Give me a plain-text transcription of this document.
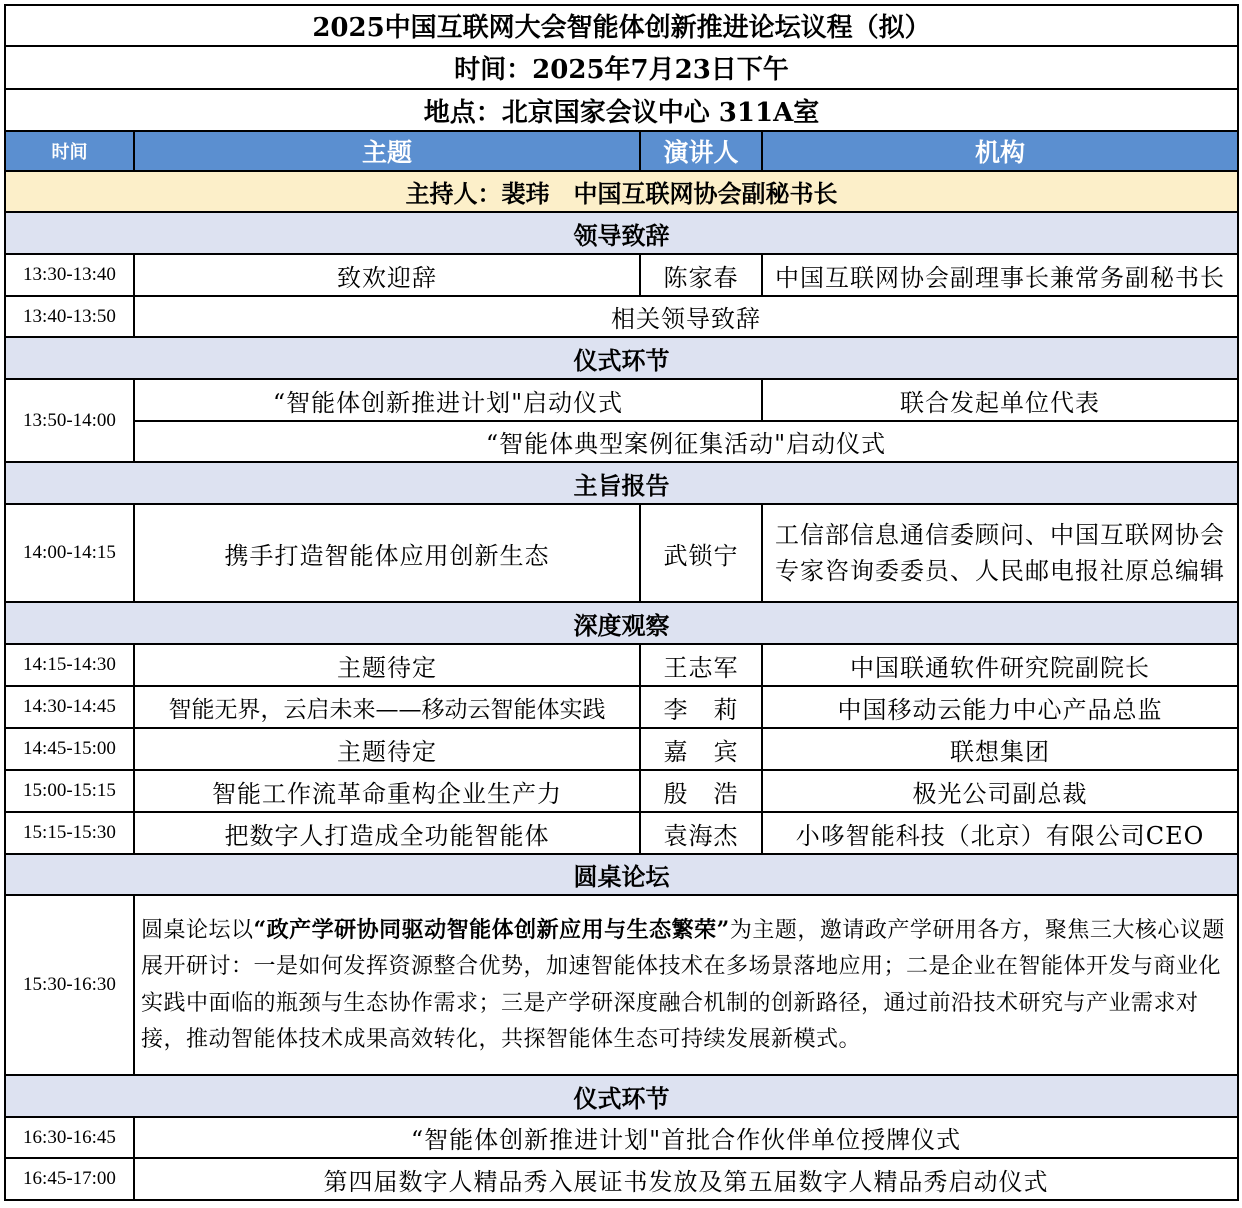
2025中国互联网大会智能体创新推进论坛议程（拟）			
时间：2025年7月23日下午			
地点：北京国家会议中心 311A室			
时间	主题	演讲人	机构
主持人：裴玮　中国互联网协会副秘书长			
领导致辞			
13:30-13:40	致欢迎辞	陈家春	中国互联网协会副理事长兼常务副秘书长
13:40-13:50	相关领导致辞		
仪式环节			
13:50-14:00	“智能体创新推进计划"启动仪式		联合发起单位代表
	“智能体典型案例征集活动"启动仪式		
主旨报告			
14:00-14:15	携手打造智能体应用创新生态	武锁宁	工信部信息通信委顾问、中国互联网协会
专家咨询委委员、人民邮电报社原总编辑

深度观察			
14:15-14:30	主题待定	王志军	中国联通软件研究院副院长
14:30-14:45	智能无界，云启未来——移动云智能体实践	李　莉	中国移动云能力中心产品总监
14:45-15:00	主题待定	嘉　宾	联想集团
15:00-15:15	智能工作流革命重构企业生产力	殷　浩	极光公司副总裁
15:15-15:30	把数字人打造成全功能智能体	袁海杰	小哆智能科技（北京）有限公司CEO
圆桌论坛			
15:30-16:30	圆桌论坛以“政产学研协同驱动智能体创新应用与生态繁荣”为主题，邀请政产学研用各方，聚焦三大核心议题展开研讨：一是如何发挥资源整合优势，加速智能体技术在多场景落地应用；二是企业在智能体开发与商业化实践中面临的瓶颈与生态协作需求；三是产学研深度融合机制的创新路径，通过前沿技术研究与产业需求对接，推动智能体技术成果高效转化，共探智能体生态可持续发展新模式。		
仪式环节			
16:30-16:45	“智能体创新推进计划"首批合作伙伴单位授牌仪式		
16:45-17:00	第四届数字人精品秀入展证书发放及第五届数字人精品秀启动仪式		
